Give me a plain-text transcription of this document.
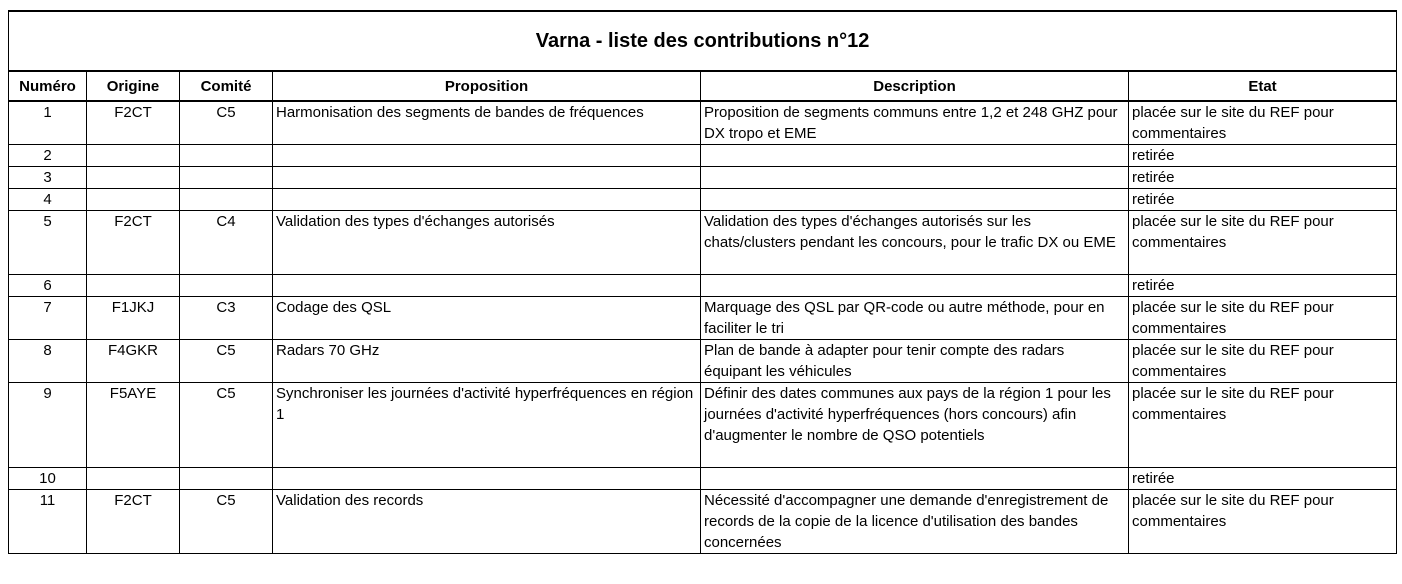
Varna - liste des contributions n°12					
Numéro	Origine	Comité	Proposition	Description	Etat
1	F2CT	C5	Harmonisation des segments de bandes de fréquences	Proposition de segments communs entre 1,2 et 248 GHZ pour DX tropo et EME	placée sur le site du REF pour commentaires
2					retirée
3					retirée
4					retirée
5	F2CT	C4	Validation des types d'échanges autorisés	Validation des types d'échanges autorisés sur les chats/clusters pendant les concours, pour le trafic DX ou EME	placée sur le site du REF pour commentaires
6					retirée
7	F1JKJ	C3	Codage des QSL	Marquage des QSL par QR-code ou autre méthode, pour en faciliter le tri	placée sur le site du REF pour commentaires
8	F4GKR	C5	Radars 70 GHz	Plan de bande à adapter pour tenir compte des radars équipant les véhicules	placée sur le site du REF pour commentaires
9	F5AYE	C5	Synchroniser les journées d'activité hyperfréquences en région 1	Définir des dates communes aux pays de la région 1 pour les journées d'activité hyperfréquences (hors concours) afin d'augmenter le nombre de QSO potentiels	placée sur le site du REF pour commentaires
10					retirée
11	F2CT	C5	Validation des records	Nécessité d'accompagner une demande d'enregistrement de records de la copie de la licence d'utilisation des bandes concernées	placée sur le site du REF pour commentaires
